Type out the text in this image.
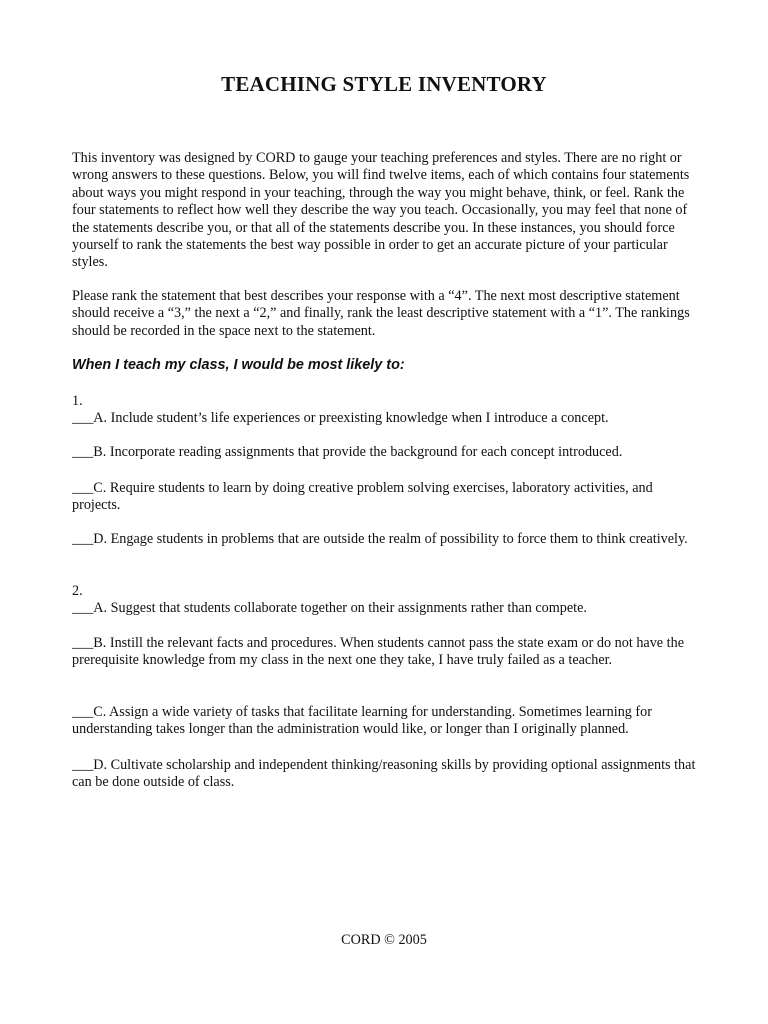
TEACHING STYLE INVENTORY

This inventory was designed by CORD to gauge your teaching preferences and styles. There are no right or wrong answers to these questions. Below, you will find twelve items, each of which contains four statements about ways you might respond in your teaching, through the way you might behave, think, or feel. Rank the four statements to reflect how well they describe the way you teach. Occasionally, you may feel that none of the statements describe you, or that all of the statements describe you. In these instances, you should force yourself to rank the statements the best way possible in order to get an accurate picture of your particular styles.

Please rank the statement that best describes your response with a “4”. The next most descriptive statement should receive a “3,” the next a “2,” and finally, rank the least descriptive statement with a “1”. The rankings should be recorded in the space next to the statement.

When I teach my class, I would be most likely to:

1.

___A. Include student’s life experiences or preexisting knowledge when I introduce a concept.

___B. Incorporate reading assignments that provide the background for each concept introduced.

___C. Require students to learn by doing creative problem solving exercises, laboratory activities, and projects.

___D. Engage students in problems that are outside the realm of possibility to force them to think creatively.

2.

___A. Suggest that students collaborate together on their assignments rather than compete.

___B. Instill the relevant facts and procedures. When students cannot pass the state exam or do not have the prerequisite knowledge from my class in the next one they take, I have truly failed as a teacher.

___C. Assign a wide variety of tasks that facilitate learning for understanding. Sometimes learning for understanding takes longer than the administration would like, or longer than I originally planned.

___D. Cultivate scholarship and independent thinking/reasoning skills by providing optional assignments that can be done outside of class.

CORD © 2005
